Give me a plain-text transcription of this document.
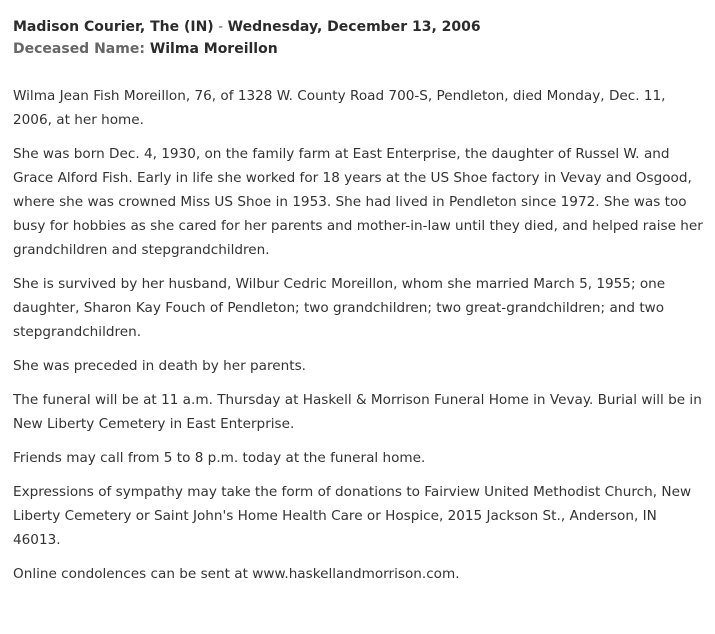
Madison Courier, The (IN) - Wednesday, December 13, 2006
Deceased Name: Wilma Moreillon

Wilma Jean Fish Moreillon, 76, of 1328 W. County Road 700-S, Pendleton, died Monday, Dec. 11, 2006, at her home.

She was born Dec. 4, 1930, on the family farm at East Enterprise, the daughter of Russel W. and Grace Alford Fish. Early in life she worked for 18 years at the US Shoe factory in Vevay and Osgood, where she was crowned Miss US Shoe in 1953. She had lived in Pendleton since 1972. She was too busy for hobbies as she cared for her parents and mother-in-law until they died, and helped raise her grandchildren and stepgrandchildren.

She is survived by her husband, Wilbur Cedric Moreillon, whom she married March 5, 1955; one daughter, Sharon Kay Fouch of Pendleton; two grandchildren; two great-grandchildren; and two stepgrandchildren.

She was preceded in death by her parents.

The funeral will be at 11 a.m. Thursday at Haskell & Morrison Funeral Home in Vevay. Burial will be in New Liberty Cemetery in East Enterprise.

Friends may call from 5 to 8 p.m. today at the funeral home.

Expressions of sympathy may take the form of donations to Fairview United Methodist Church, New Liberty Cemetery or Saint John's Home Health Care or Hospice, 2015 Jackson St., Anderson, IN 46013.

Online condolences can be sent at www.haskellandmorrison.com.
